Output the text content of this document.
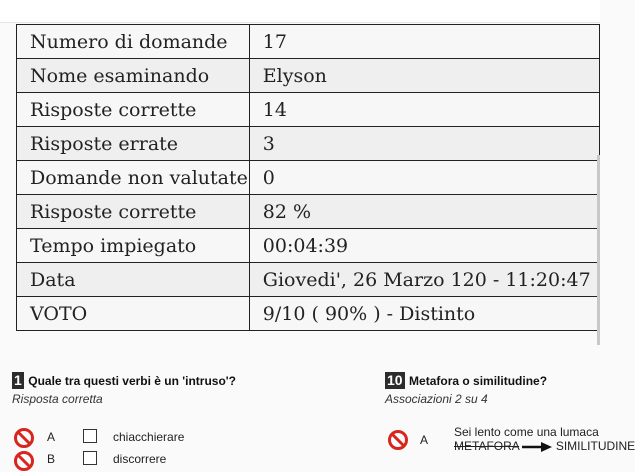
Numero di domande	17
Nome esaminando	Elyson
Risposte corrette	14
Risposte errate	3
Domande non valutate	0
Risposte corrette	82 %
Tempo impiegato	00:04:39
Data	Giovedi', 26 Marzo 120 - 11:20:47
VOTO	9/10 ( 90% ) - Distinto
1 Quale tra questi verbi è un 'intruso'?
Risposta corretta
A	chiacchierare
B	discorrere
10 Metafora o similitudine?
Associazioni 2 su 4
A
Sei lento come una lumaca
METAFORA	SIMILITUDINE
